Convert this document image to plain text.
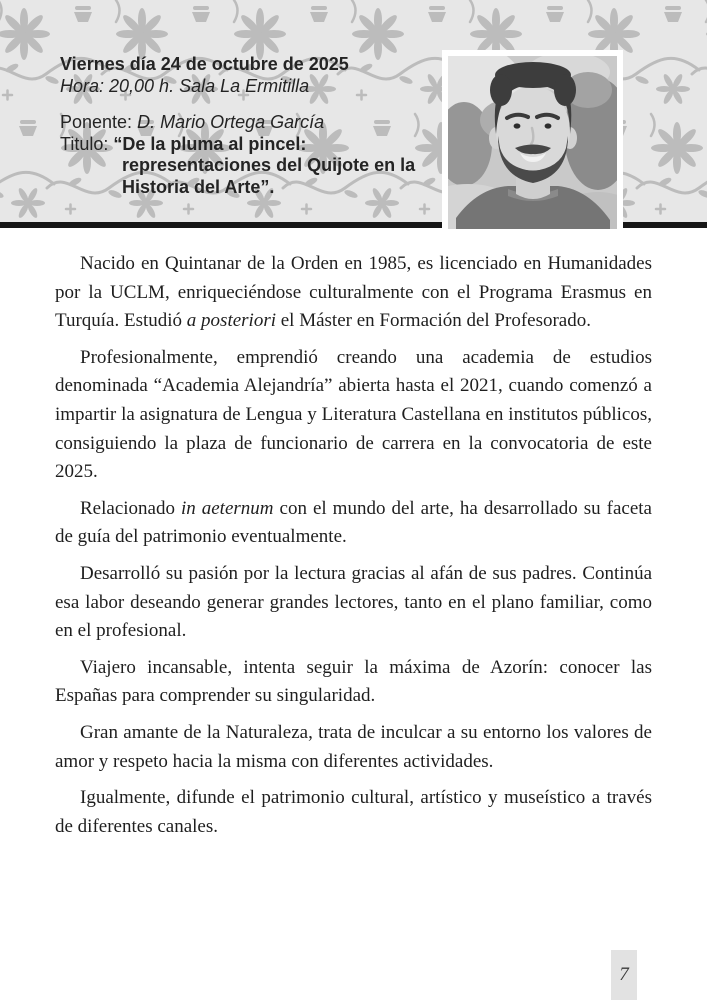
Viernes día 24 de octubre de 2025
Hora: 20,00 h. Sala La Ermitilla
Ponente: D. Mario Ortega García
Titulo: “De la pluma al pincel:
representaciones del Quijote en la
Historia del Arte”.

Nacido en Quintanar de la Orden en 1985, es licenciado en Humanidades por la UCLM, enriqueciéndose culturalmente con el Programa Erasmus en Turquía. Estudió a posteriori el Máster en Formación del Profesorado.

Profesionalmente, emprendió creando una academia de estudios denominada “Academia Alejandría” abierta hasta el 2021, cuando comenzó a impartir la asignatura de Lengua y Literatura Castellana en institutos públicos, consiguiendo la plaza de funcionario de carrera en la convocatoria de este 2025.

Relacionado in aeternum con el mundo del arte, ha desarrollado su faceta de guía del patrimonio eventualmente.

Desarrolló su pasión por la lectura gracias al afán de sus padres. Continúa esa labor deseando generar grandes lectores, tanto en el plano familiar, como en el profesional.

Viajero incansable, intenta seguir la máxima de Azorín: conocer las Españas para comprender su singularidad.

Gran amante de la Naturaleza, trata de inculcar a su entorno los valores de amor y respeto hacia la misma con diferentes actividades.

Igualmente, difunde el patrimonio cultural, artístico y museístico a través de diferentes canales.

7
